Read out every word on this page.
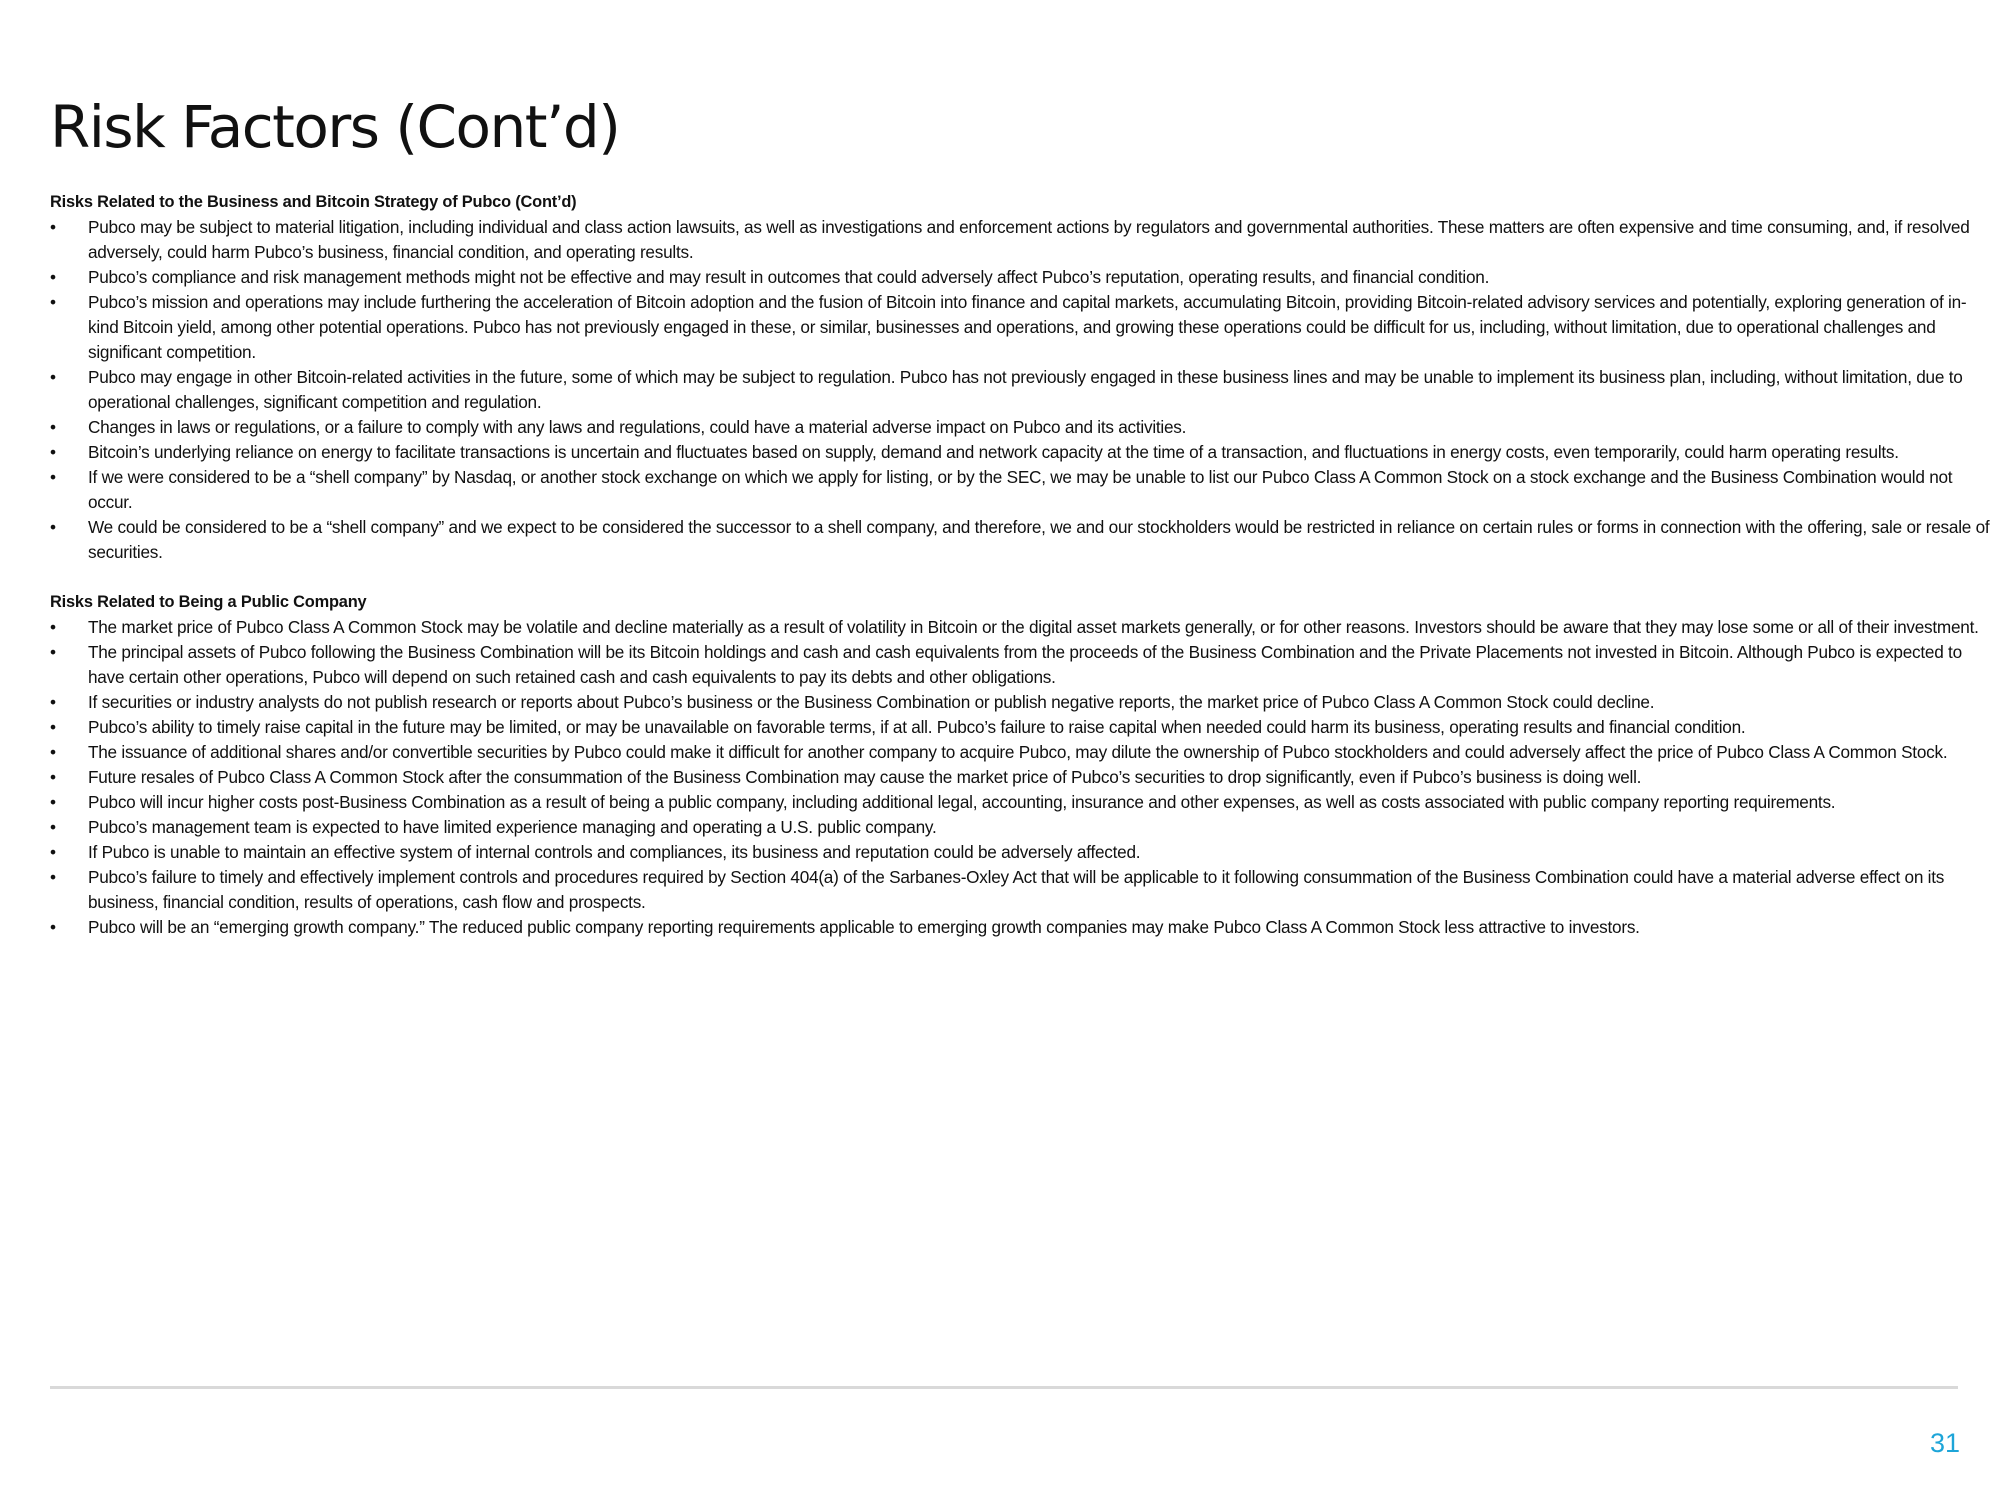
Risk Factors (Cont’d)

Risks Related to the Business and Bitcoin Strategy of Pubco (Cont’d)

•	Pubco may be subject to material litigation, including individual and class action lawsuits, as well as investigations and enforcement actions by regulators and governmental authorities. These matters are often expensive and time consuming, and, if resolved adversely, could harm Pubco’s business, financial condition, and operating results.
•	Pubco’s compliance and risk management methods might not be effective and may result in outcomes that could adversely affect Pubco’s reputation, operating results, and financial condition.
•	Pubco’s mission and operations may include furthering the acceleration of Bitcoin adoption and the fusion of Bitcoin into finance and capital markets, accumulating Bitcoin, providing Bitcoin-related advisory services and potentially, exploring generation of in-kind Bitcoin yield, among other potential operations. Pubco has not previously engaged in these, or similar, businesses and operations, and growing these operations could be difficult for us, including, without limitation, due to operational challenges and significant competition.
•	Pubco may engage in other Bitcoin-related activities in the future, some of which may be subject to regulation. Pubco has not previously engaged in these business lines and may be unable to implement its business plan, including, without limitation, due to operational challenges, significant competition and regulation.
•	Changes in laws or regulations, or a failure to comply with any laws and regulations, could have a material adverse impact on Pubco and its activities.
•	Bitcoin’s underlying reliance on energy to facilitate transactions is uncertain and fluctuates based on supply, demand and network capacity at the time of a transaction, and fluctuations in energy costs, even temporarily, could harm operating results.
•	If we were considered to be a “shell company” by Nasdaq, or another stock exchange on which we apply for listing, or by the SEC, we may be unable to list our Pubco Class A Common Stock on a stock exchange and the Business Combination would not occur.
•	We could be considered to be a “shell company” and we expect to be considered the successor to a shell company, and therefore, we and our stockholders would be restricted in reliance on certain rules or forms in connection with the offering, sale or resale of securities.

Risks Related to Being a Public Company

•	The market price of Pubco Class A Common Stock may be volatile and decline materially as a result of volatility in Bitcoin or the digital asset markets generally, or for other reasons. Investors should be aware that they may lose some or all of their investment.
•	The principal assets of Pubco following the Business Combination will be its Bitcoin holdings and cash and cash equivalents from the proceeds of the Business Combination and the Private Placements not invested in Bitcoin. Although Pubco is expected to have certain other operations, Pubco will depend on such retained cash and cash equivalents to pay its debts and other obligations.
•	If securities or industry analysts do not publish research or reports about Pubco’s business or the Business Combination or publish negative reports, the market price of Pubco Class A Common Stock could decline.
•	Pubco’s ability to timely raise capital in the future may be limited, or may be unavailable on favorable terms, if at all. Pubco’s failure to raise capital when needed could harm its business, operating results and financial condition.
•	The issuance of additional shares and/or convertible securities by Pubco could make it difficult for another company to acquire Pubco, may dilute the ownership of Pubco stockholders and could adversely affect the price of Pubco Class A Common Stock.
•	Future resales of Pubco Class A Common Stock after the consummation of the Business Combination may cause the market price of Pubco’s securities to drop significantly, even if Pubco’s business is doing well.
•	Pubco will incur higher costs post-Business Combination as a result of being a public company, including additional legal, accounting, insurance and other expenses, as well as costs associated with public company reporting requirements.
•	Pubco’s management team is expected to have limited experience managing and operating a U.S. public company.
•	If Pubco is unable to maintain an effective system of internal controls and compliances, its business and reputation could be adversely affected.
•	Pubco’s failure to timely and effectively implement controls and procedures required by Section 404(a) of the Sarbanes-Oxley Act that will be applicable to it following consummation of the Business Combination could have a material adverse effect on its business, financial condition, results of operations, cash flow and prospects.
•	Pubco will be an “emerging growth company.” The reduced public company reporting requirements applicable to emerging growth companies may make Pubco Class A Common Stock less attractive to investors.
31
